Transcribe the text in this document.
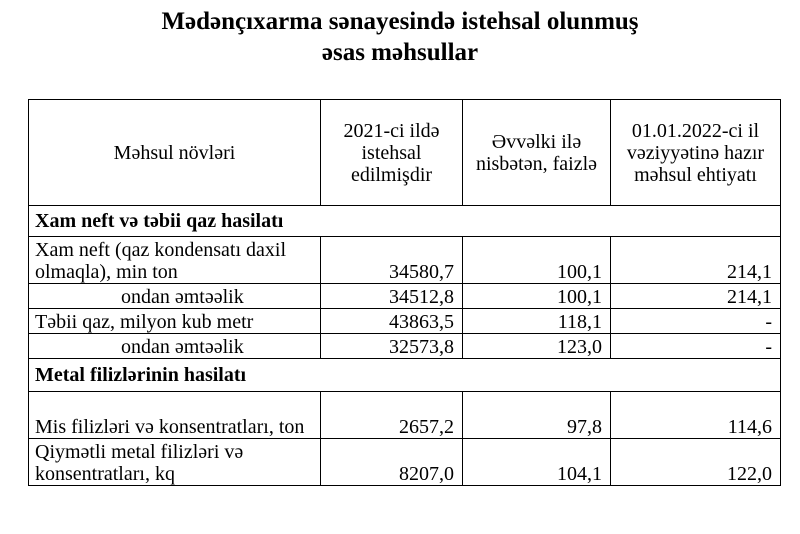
Mədənçıxarma sənayesində istehsal olunmuş
əsas məhsullar
Məhsul növləri	2021-ci ildə istehsal edilmişdir	Əvvəlki ilə nisbətən, faizlə	01.01.2022-ci il vəziyyətinə hazır məhsul ehtiyatı
Xam neft və təbii qaz hasilatı			
Xam neft (qaz kondensatı daxil olmaqla), min ton	34580,7	100,1	214,1
ondan əmtəəlik	34512,8	100,1	214,1
Təbii qaz, milyon kub metr	43863,5	118,1	-
ondan əmtəəlik	32573,8	123,0	-
Metal filizlərinin hasilatı			
Mis filizləri və konsentratları, ton	2657,2	97,8	114,6
Qiymətli metal filizləri və konsentratları, kq	8207,0	104,1	122,0
